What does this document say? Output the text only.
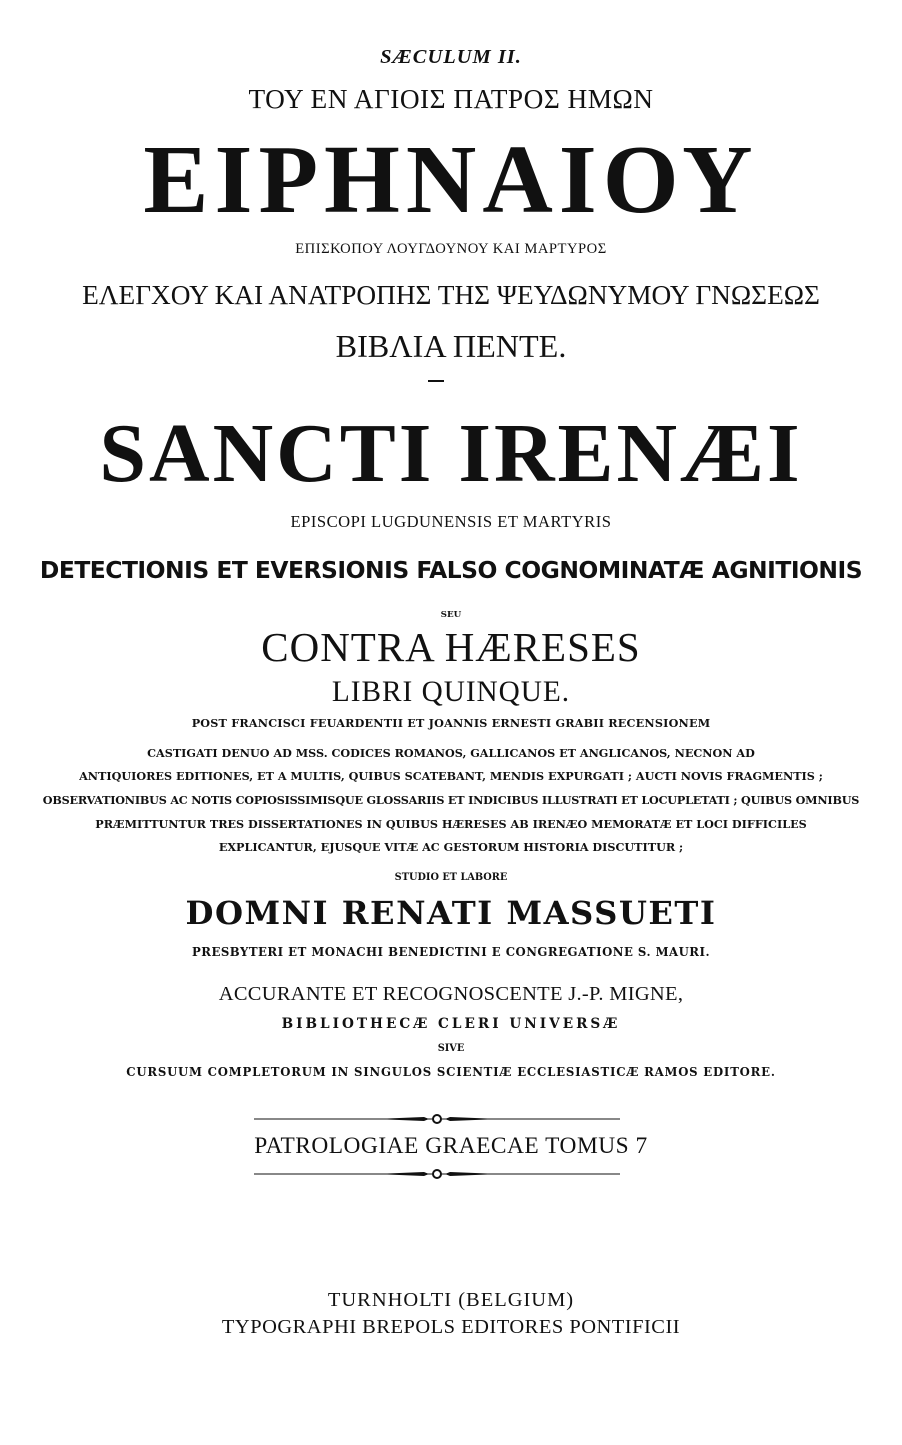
SÆCULUM II.
ΤΟΥ ΕΝ ΑΓΙΟΙΣ ΠΑΤΡΟΣ ΗΜΩΝ
ΕΙΡΗΝΑΙΟΥ
ΕΠΙΣΚΟΠΟΥ ΛΟΥΓΔΟΥΝΟΥ ΚΑΙ ΜΑΡΤΥΡΟΣ
ΕΛΕΓΧΟΥ ΚΑΙ ΑΝΑΤΡΟΠΗΣ ΤΗΣ ΨΕΥΔΩΝΥΜΟΥ ΓΝΩΣΕΩΣ
ΒΙΒΛΙΑ ΠΕΝΤΕ.
SANCTI IRENÆI
EPISCOPI LUGDUNENSIS ET MARTYRIS
DETECTIONIS ET EVERSIONIS FALSO COGNOMINATÆ AGNITIONIS
SEU
CONTRA HÆRESES
LIBRI QUINQUE.
POST FRANCISCI FEUARDENTII ET JOANNIS ERNESTI GRABII RECENSIONEM
CASTIGATI DENUO AD MSS. CODICES ROMANOS, GALLICANOS ET ANGLICANOS, NECNON AD
ANTIQUIORES EDITIONES, ET A MULTIS, QUIBUS SCATEBANT, MENDIS EXPURGATI ; AUCTI NOVIS FRAGMENTIS ;
OBSERVATIONIBUS AC NOTIS COPIOSISSIMISQUE GLOSSARIIS ET INDICIBUS ILLUSTRATI ET LOCUPLETATI ; QUIBUS OMNIBUS
PRÆMITTUNTUR TRES DISSERTATIONES IN QUIBUS HÆRESES AB IRENÆO MEMORATÆ ET LOCI DIFFICILES
EXPLICANTUR, EJUSQUE VITÆ AC GESTORUM HISTORIA DISCUTITUR ;
STUDIO ET LABORE
DOMNI RENATI MASSUETI
PRESBYTERI ET MONACHI BENEDICTINI E CONGREGATIONE S. MAURI.
ACCURANTE ET RECOGNOSCENTE J.-P. MIGNE,
BIBLIOTHECÆ CLERI UNIVERSÆ
SIVE
CURSUUM COMPLETORUM IN SINGULOS SCIENTIÆ ECCLESIASTICÆ RAMOS EDITORE.
PATROLOGIAE GRAECAE TOMUS 7
TURNHOLTI (BELGIUM)
TYPOGRAPHI BREPOLS EDITORES PONTIFICII
